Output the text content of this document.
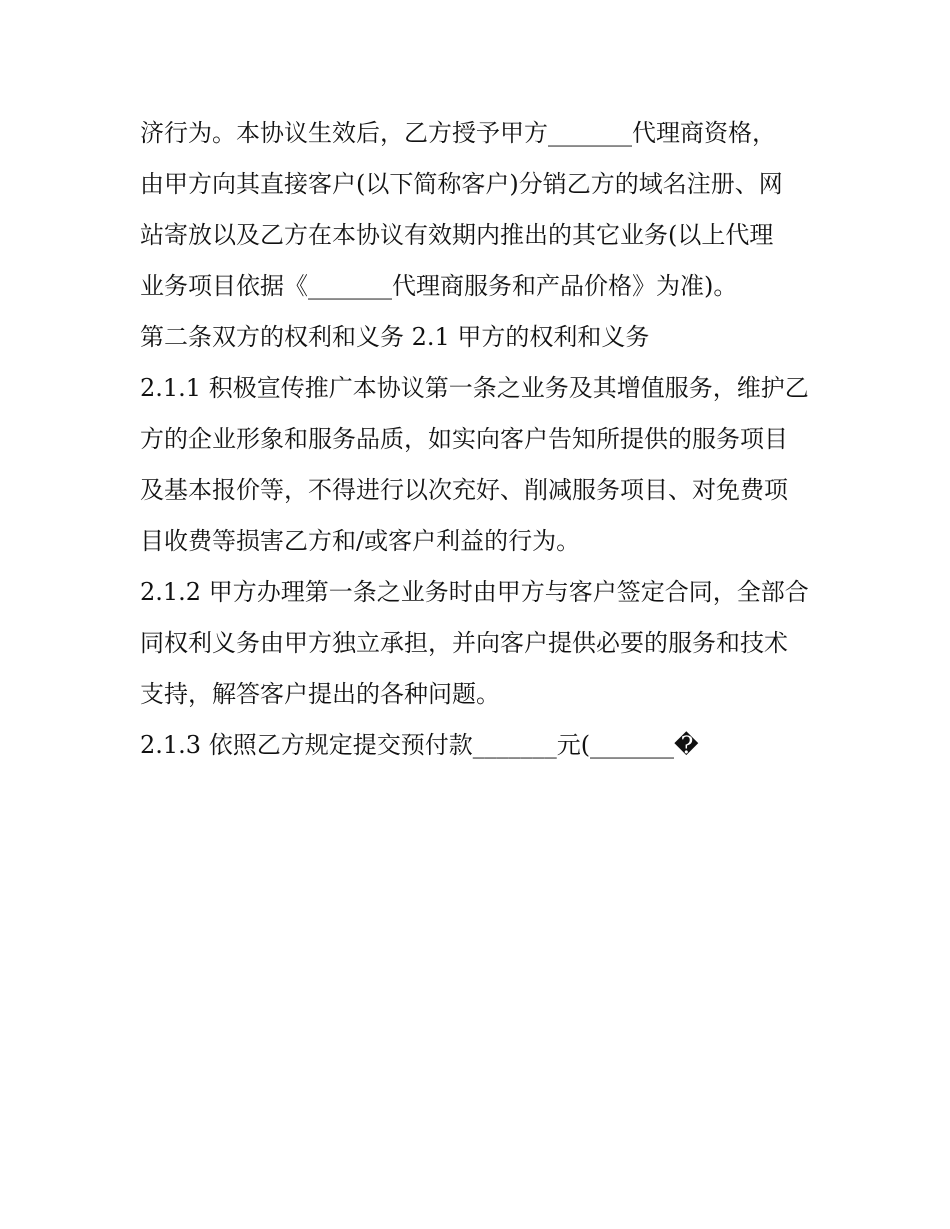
济行为。本协议生效后，乙方授予甲方_______代理商资格，
由甲方向其直接客户(以下简称客户)分销乙方的域名注册、网
站寄放以及乙方在本协议有效期内推出的其它业务(以上代理
业务项目依据《_______代理商服务和产品价格》为准)。
第二条双方的权利和义务 2.1 甲方的权利和义务
2.1.1 积极宣传推广本协议第一条之业务及其增值服务，维护乙
方的企业形象和服务品质，如实向客户告知所提供的服务项目
及基本报价等，不得进行以次充好、削减服务项目、对免费项
目收费等损害乙方和/或客户利益的行为。
2.1.2 甲方办理第一条之业务时由甲方与客户签定合同，全部合
同权利义务由甲方独立承担，并向客户提供必要的服务和技术
支持，解答客户提出的各种问题。
2.1.3 依照乙方规定提交预付款_______元(_______�
